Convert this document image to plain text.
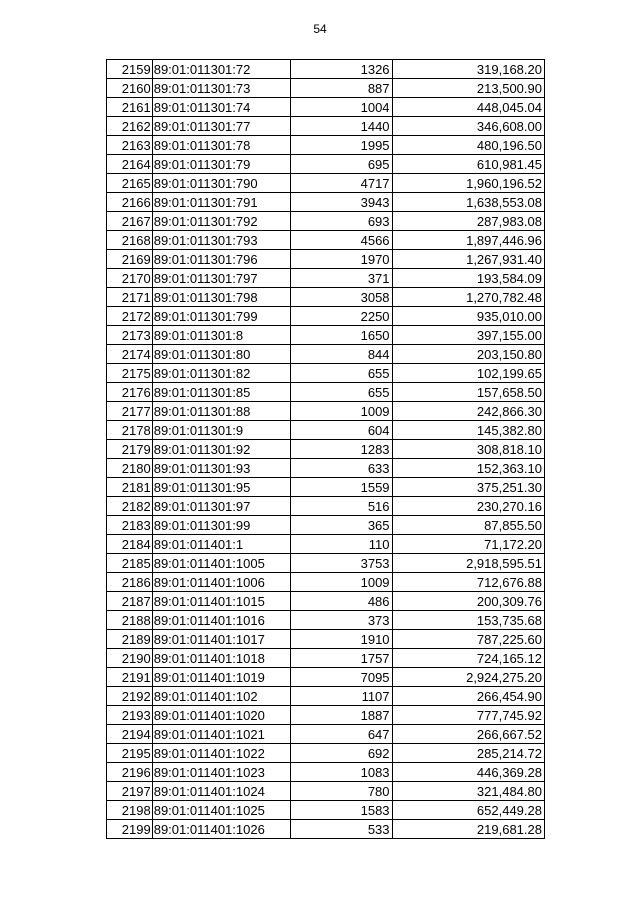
54
2159	89:01:011301:72	1326	319,168.20
2160	89:01:011301:73	887	213,500.90
2161	89:01:011301:74	1004	448,045.04
2162	89:01:011301:77	1440	346,608.00
2163	89:01:011301:78	1995	480,196.50
2164	89:01:011301:79	695	610,981.45
2165	89:01:011301:790	4717	1,960,196.52
2166	89:01:011301:791	3943	1,638,553.08
2167	89:01:011301:792	693	287,983.08
2168	89:01:011301:793	4566	1,897,446.96
2169	89:01:011301:796	1970	1,267,931.40
2170	89:01:011301:797	371	193,584.09
2171	89:01:011301:798	3058	1,270,782.48
2172	89:01:011301:799	2250	935,010.00
2173	89:01:011301:8	1650	397,155.00
2174	89:01:011301:80	844	203,150.80
2175	89:01:011301:82	655	102,199.65
2176	89:01:011301:85	655	157,658.50
2177	89:01:011301:88	1009	242,866.30
2178	89:01:011301:9	604	145,382.80
2179	89:01:011301:92	1283	308,818.10
2180	89:01:011301:93	633	152,363.10
2181	89:01:011301:95	1559	375,251.30
2182	89:01:011301:97	516	230,270.16
2183	89:01:011301:99	365	87,855.50
2184	89:01:011401:1	110	71,172.20
2185	89:01:011401:1005	3753	2,918,595.51
2186	89:01:011401:1006	1009	712,676.88
2187	89:01:011401:1015	486	200,309.76
2188	89:01:011401:1016	373	153,735.68
2189	89:01:011401:1017	1910	787,225.60
2190	89:01:011401:1018	1757	724,165.12
2191	89:01:011401:1019	7095	2,924,275.20
2192	89:01:011401:102	1107	266,454.90
2193	89:01:011401:1020	1887	777,745.92
2194	89:01:011401:1021	647	266,667.52
2195	89:01:011401:1022	692	285,214.72
2196	89:01:011401:1023	1083	446,369.28
2197	89:01:011401:1024	780	321,484.80
2198	89:01:011401:1025	1583	652,449.28
2199	89:01:011401:1026	533	219,681.28
